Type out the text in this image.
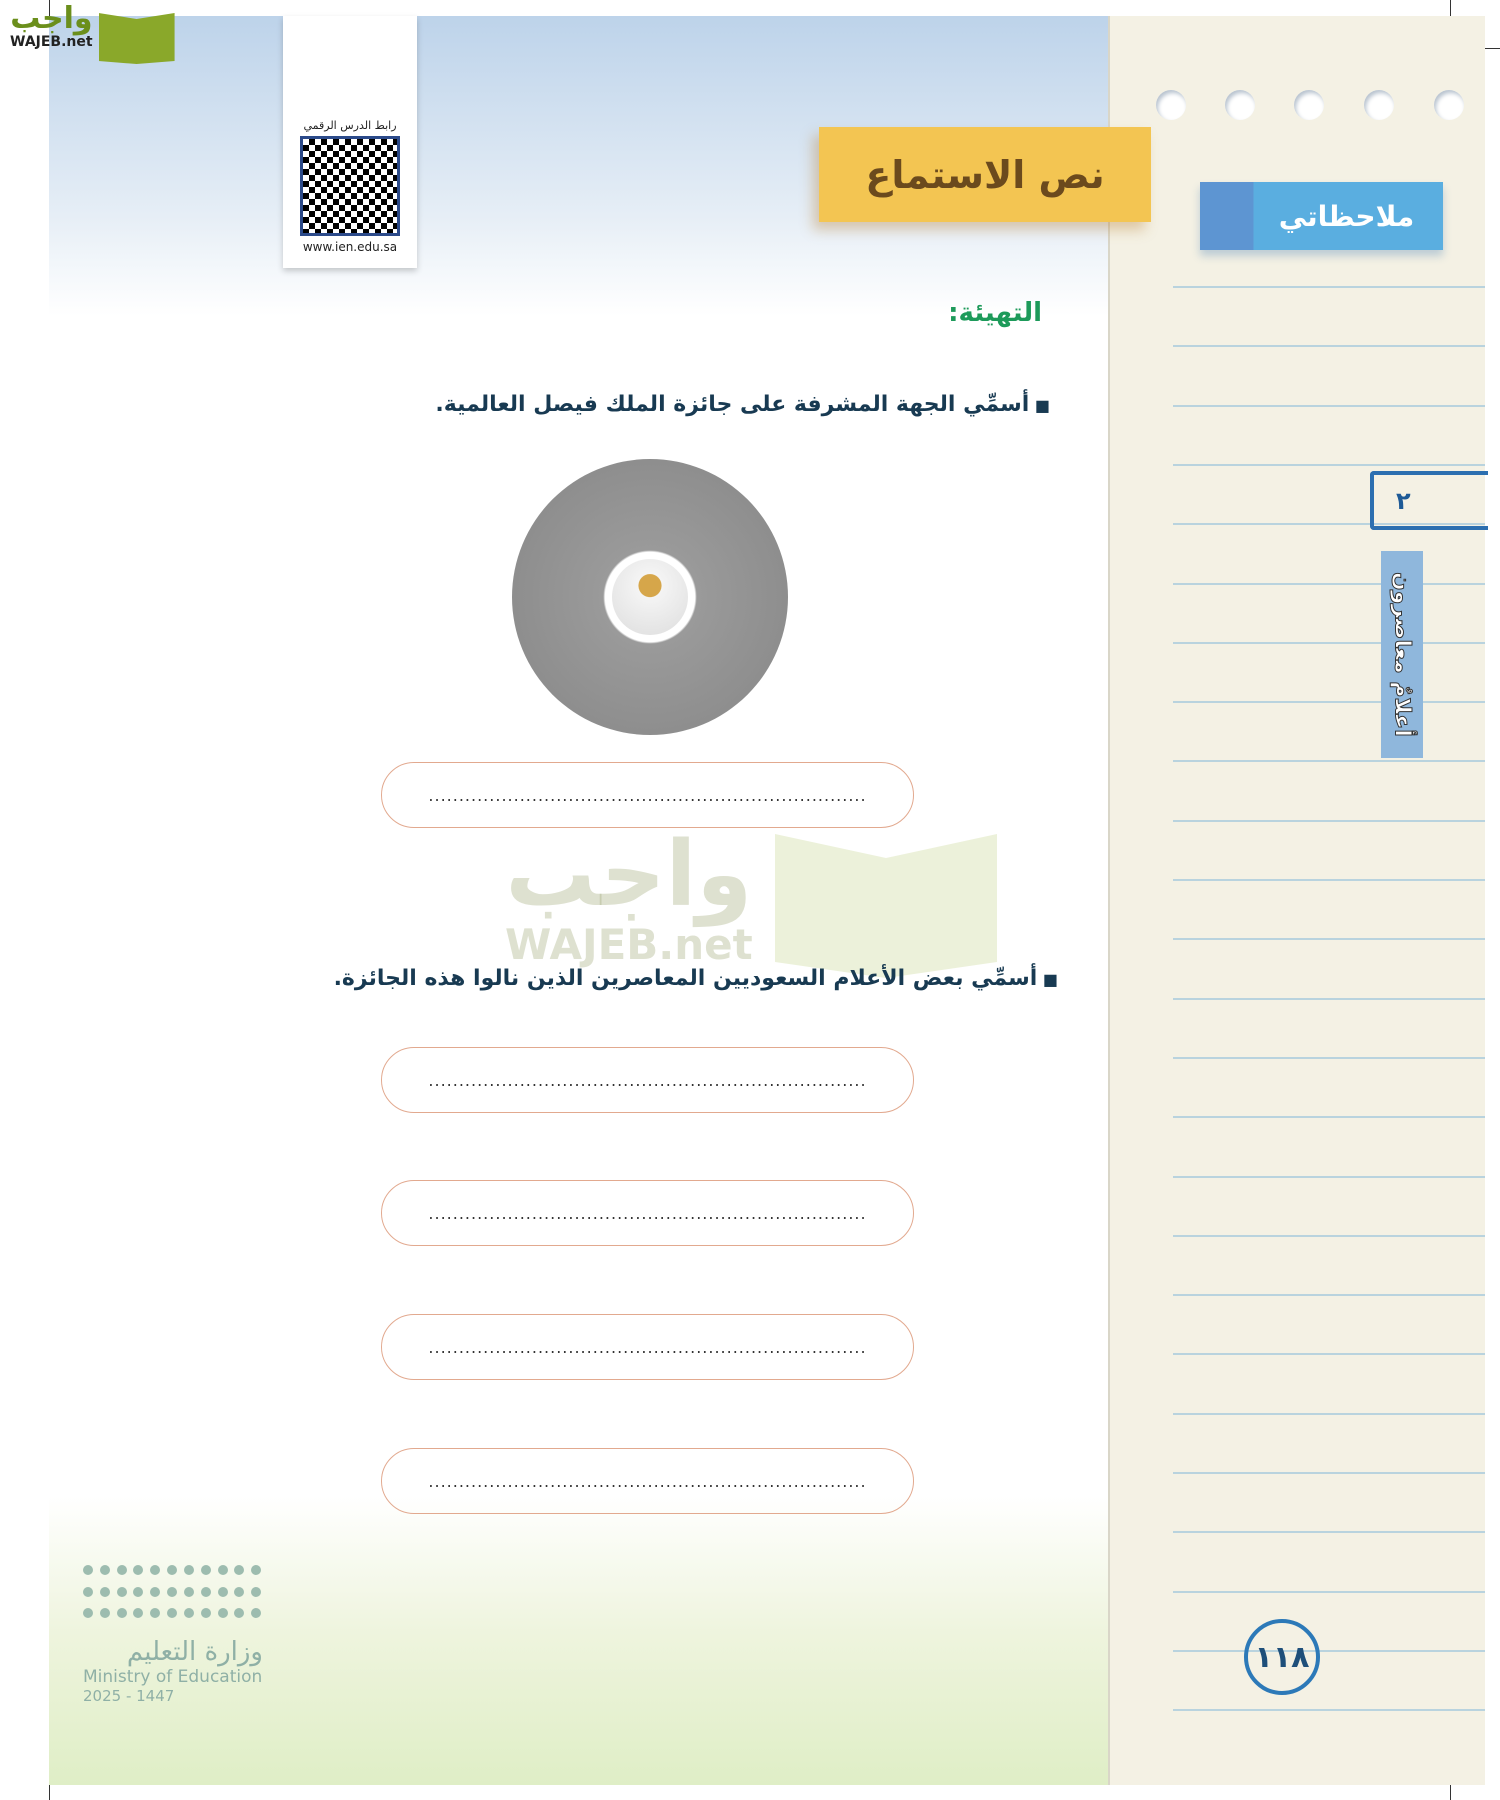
واجب
WAJEB.net
رابط الدرس الرقمي
www.ien.edu.sa
نص الاستماع
ملاحظاتي
التهيئة:
■ أسمِّي الجهة المشرفة على جائزة الملك فيصل العالمية.
........................................................................
واجب
WAJEB.net
■ أسمِّي بعض الأعلام السعوديين المعاصرين الذين نالوا هذه الجائزة.
........................................................................
........................................................................
........................................................................
........................................................................
وزارة التعليم
Ministry of Education
2025 - 1447
٢
أعلامٌ معاصرون
١١٨
